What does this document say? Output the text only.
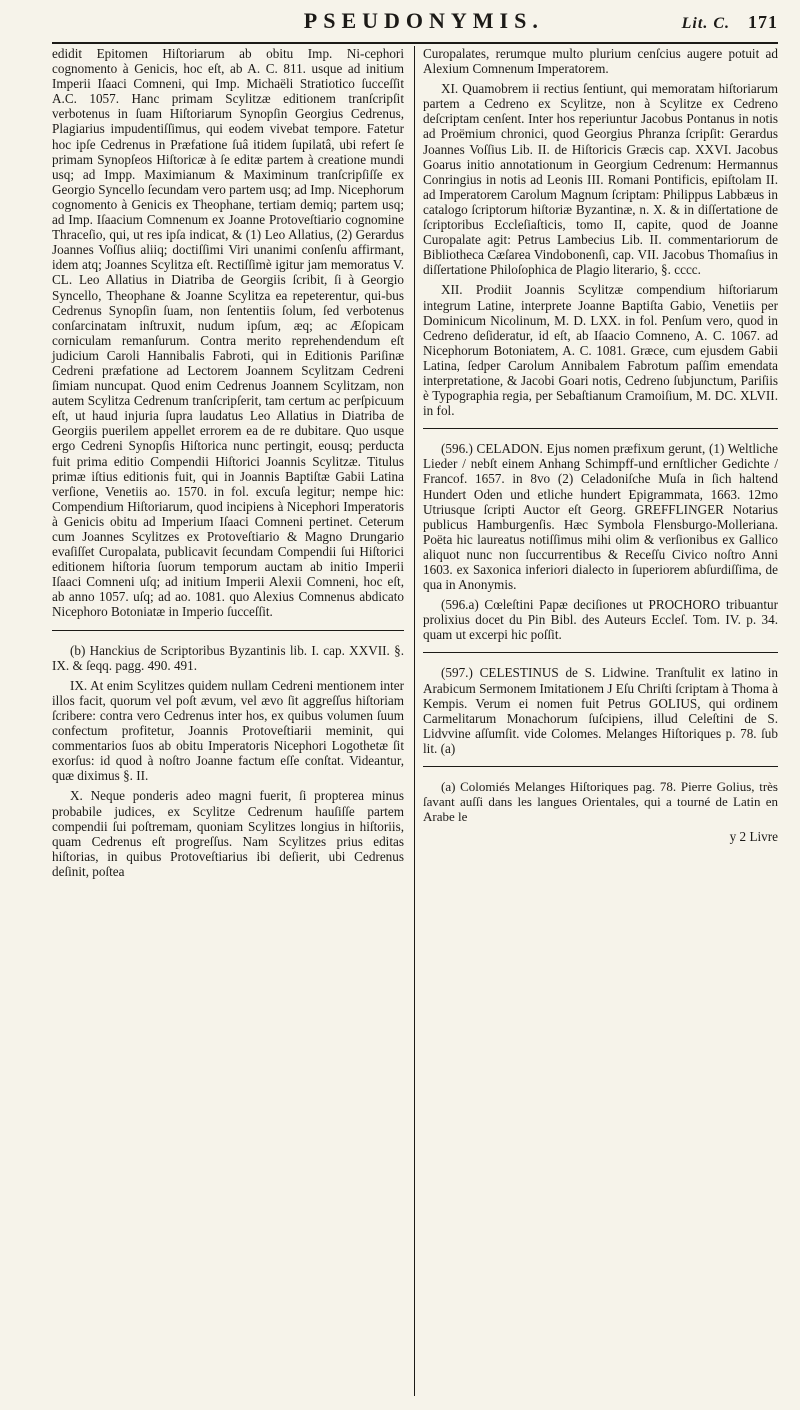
PSEUDONYMIS.	Lit. C. 171

edidit Epitomen Hiſtoriarum ab obitu Imp. Ni-cephori cognomento à Genicis, hoc eſt, ab A. C. 811. usque ad initium Imperii Iſaaci Comneni, qui Imp. Michaëli Stratiotico ſucceſſit A.C. 1057. Hanc primam Scylitzæ editionem tranſcripſit verbotenus in ſuam Hiſtoriarum Synopſin Georgius Cedrenus, Plagiarius impudentiſſimus, qui eodem vivebat tempore. Fatetur hoc ipſe Cedrenus in Præfatione ſuâ itidem ſupilatâ, ubi refert ſe primam Synopſeos Hiſtoricæ à ſe editæ partem à creatione mundi usq; ad Impp. Maximianum & Maximinum tranſcripſiſſe ex Georgio Syncello ſecundam vero partem usq; ad Imp. Nicephorum cognomento à Genicis ex Theophane, tertiam demiq; partem usq; ad Imp. Iſaacium Comnenum ex Joanne Protoveſtiario cognomine Thraceſio, qui, ut res ipſa indicat, & (1) Leo Allatius, (2) Gerardus Joannes Voſſius aliiq; doctiſſimi Viri unanimi conſenſu affirmant, idem atq; Joannes Scylitza eſt. Rectiſſimè igitur jam memoratus V. CL. Leo Allatius in Diatriba de Georgiis ſcribit, ſi à Georgio Syncello, Theophane & Joanne Scylitza ea repeterentur, qui-bus Cedrenus Synopſin ſuam, non ſententiis ſolum, ſed verbotenus conſarcinatam inſtruxit, nudum ipſum, æq; ac Æſopicam corniculam remanſurum. Contra merito reprehendendum eſt judicium Caroli Hannibalis Fabroti, qui in Editionis Pariſinæ Cedreni præfatione ad Lectorem Joannem Scylitzam Cedreni ſimiam nuncupat. Quod enim Cedrenus Joannem Scylitzam, non autem Scylitza Cedrenum tranſcripſerit, tam certum ac perſpicuum eſt, ut haud injuria ſupra laudatus Leo Allatius in Diatriba de Georgiis puerilem appellet errorem ea de re dubitare. Quo usque ergo Cedreni Synopſis Hiſtorica nunc pertingit, eousq; perducta fuit prima editio Compendii Hiſtorici Joannis Scylitzæ. Titulus primæ iſtius editionis fuit, qui in Joannis Baptiſtæ Gabii Latina verſione, Venetiis ao. 1570. in fol. excuſa legitur; nempe hic: Compendium Hiſtoriarum, quod incipiens à Nicephori Imperatoris à Genicis obitu ad Imperium Iſaaci Comneni pertinet. Ceterum cum Joannes Scylitzes ex Protoveſtiario & Magno Drungario evaſiſſet Curopalata, publicavit ſecundam Compendii ſui Hiſtorici editionem hiſtoria ſuorum temporum auctam ab initio Imperii Iſaaci Comneni uſq; ad initium Imperii Alexii Comneni, hoc eſt, ab anno 1057. uſq; ad ao. 1081. quo Alexius Comnenus abdicato Nicephoro Botoniatæ in Imperio ſucceſſit.

(b) Hanckius de Scriptoribus Byzantinis lib. I. cap. XXVII. §. IX. & ſeqq. pagg. 490. 491.

IX. At enim Scylitzes quidem nullam Cedreni mentionem inter illos facit, quorum vel poſt ævum, vel ævo ſit aggreſſus hiſtoriam ſcribere: contra vero Cedrenus inter hos, ex quibus volumen ſuum confectum profitetur, Joannis Protoveſtiarii meminit, qui commentarios ſuos ab obitu Imperatoris Nicephori Logothetæ ſit exorſus: id quod à noſtro Joanne factum eſſe conſtat. Videantur, quæ diximus §. II.

X. Neque ponderis adeo magni fuerit, ſi propterea minus probabile judices, ex Scylitze Cedrenum hauſiſſe partem compendii ſui poſtremam, quoniam Scylitzes longius in hiſtoriis, quam Cedrenus eſt progreſſus. Nam Scylitzes prius editas hiſtorias, in quibus Protoveſtiarius ibi deſierit, ubi Cedrenus deſinit, poſtea

Curopalates, rerumque multo plurium cenſcius augere potuit ad Alexium Comnenum Imperatorem.

XI. Quamobrem ii rectius ſentiunt, qui memoratam hiſtoriarum partem a Cedreno ex Scylitze, non à Scylitze ex Cedreno deſcriptam cenſent. Inter hos reperiuntur Jacobus Pontanus in notis ad Proëmium chronici, quod Georgius Phranza ſcripſit: Gerardus Joannes Voſſius Lib. II. de Hiſtoricis Græcis cap. XXVI. Jacobus Goarus initio annotationum in Georgium Cedrenum: Hermannus Conringius in notis ad Leonis III. Romani Pontificis, epiſtolam II. ad Imperatorem Carolum Magnum ſcriptam: Philippus Labbæus in catalogo ſcriptorum hiſtoriæ Byzantinæ, n. X. & in diſſertatione de ſcriptoribus Eccleſiaſticis, tomo II, capite, quod de Joanne Curopalate agit: Petrus Lambecius Lib. II. commentariorum de Bibliotheca Cæſarea Vindobonenſi, cap. VII. Jacobus Thomaſius in diſſertatione Philoſophica de Plagio literario, §. cccc.

XII. Prodiit Joannis Scylitzæ compendium hiſtoriarum integrum Latine, interprete Joanne Baptiſta Gabio, Venetiis per Dominicum Nicolinum, M. D. LXX. in fol. Penſum vero, quod in Cedreno deſideratur, id eſt, ab Iſaacio Comneno, A. C. 1067. ad Nicephorum Botoniatem, A. C. 1081. Græce, cum ejusdem Gabii Latina, ſedper Carolum Annibalem Fabrotum paſſim emendata interpretatione, & Jacobi Goari notis, Cedreno ſubjunctum, Pariſiis è Typographia regia, per Sebaſtianum Cramoiſium, M. DC. XLVII. in fol.

(596.) CELADON. Ejus nomen præfixum gerunt, (1) Weltliche Lieder / nebſt einem Anhang Schimpff-und ernſtlicher Gedichte / Francof. 1657. in 8vo (2) Celadoniſche Muſa in ſich haltend Hundert Oden und etliche hundert Epigrammata, 1663. 12mo Utriusque ſcripti Auctor eſt Georg. GREFFLINGER Notarius publicus Hamburgenſis. Hæc Symbola Flensburgo-Molleriana. Poëta hic laureatus notiſſimus mihi olim & verſionibus ex Gallico aliquot nunc non ſuccurrentibus & Receſſu Civico noſtro Anni 1603. ex Saxonica inferiori dialecto in ſuperiorem abſurdiſſima, de qua in Anonymis.

(596.a) Cœleſtini Papæ deciſiones ut PROCHORO tribuantur prolixius docet du Pin Bibl. des Auteurs Eccleſ. Tom. IV. p. 34. quam ut excerpi hic poſſit.

(597.) CELESTINUS de S. Lidwine. Tranſtulit ex latino in Arabicum Sermonem Imitationem J Eſu Chriſti ſcriptam à Thoma à Kempis. Verum ei nomen fuit Petrus GOLIUS, qui ordinem Carmelitarum Monachorum ſuſcipiens, illud Celeſtini de S. Lidvvine aſſumſit. vide Colomes. Melanges Hiſtoriques p. 78. ſub lit. (a)

(a) Colomiés Melanges Hiſtoriques pag. 78. Pierre Golius, très ſavant auſſi dans les langues Orientales, qui a tourné de Latin en Arabe le

y 2 Livre
